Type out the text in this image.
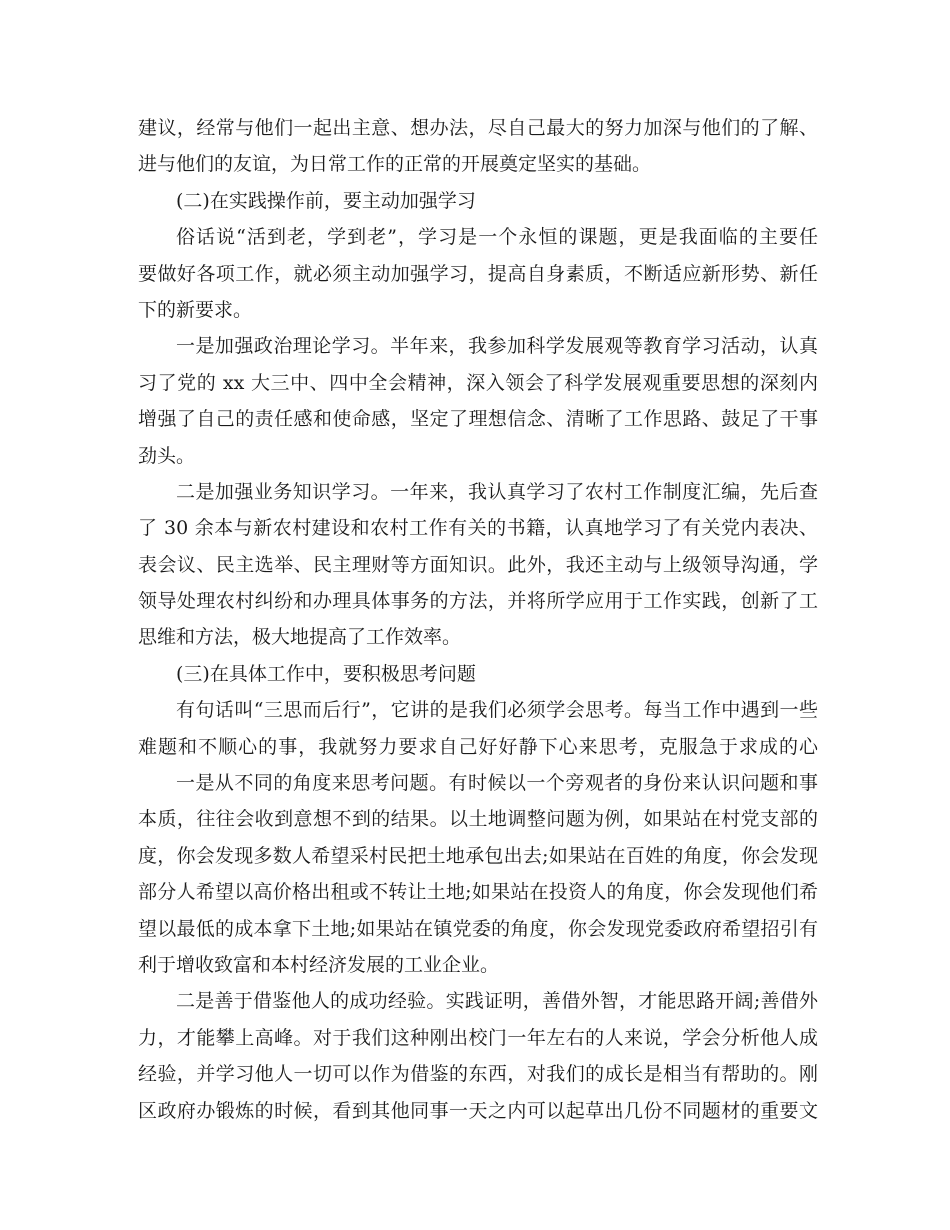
建议，经常与他们一起出主意、想办法，尽自己最大的努力加深与他们的了解、
进与他们的友谊，为日常工作的正常的开展奠定坚实的基础。
(二)在实践操作前，要主动加强学习
俗话说“活到老，学到老”，学习是一个永恒的课题，更是我面临的主要任
要做好各项工作，就必须主动加强学习，提高自身素质，不断适应新形势、新任
下的新要求。
一是加强政治理论学习。半年来，我参加科学发展观等教育学习活动，认真
习了党的 xx 大三中、四中全会精神，深入领会了科学发展观重要思想的深刻内
增强了自己的责任感和使命感，坚定了理想信念、清晰了工作思路、鼓足了干事
劲头。
二是加强业务知识学习。一年来，我认真学习了农村工作制度汇编，先后查
了 30 余本与新农村建设和农村工作有关的书籍，认真地学习了有关党内表决、
表会议、民主选举、民主理财等方面知识。此外，我还主动与上级领导沟通，学
领导处理农村纠纷和办理具体事务的方法，并将所学应用于工作实践，创新了工
思维和方法，极大地提高了工作效率。
(三)在具体工作中，要积极思考问题
有句话叫“三思而后行”，它讲的是我们必须学会思考。每当工作中遇到一些
难题和不顺心的事，我就努力要求自己好好静下心来思考，克服急于求成的心
一是从不同的角度来思考问题。有时候以一个旁观者的身份来认识问题和事
本质，往往会收到意想不到的结果。以土地调整问题为例，如果站在村党支部的
度，你会发现多数人希望采村民把土地承包出去;如果站在百姓的角度，你会发现
部分人希望以高价格出租或不转让土地;如果站在投资人的角度，你会发现他们希
望以最低的成本拿下土地;如果站在镇党委的角度，你会发现党委政府希望招引有
利于增收致富和本村经济发展的工业企业。
二是善于借鉴他人的成功经验。实践证明，善借外智，才能思路开阔;善借外
力，才能攀上高峰。对于我们这种刚出校门一年左右的人来说，学会分析他人成
经验，并学习他人一切可以作为借鉴的东西，对我们的成长是相当有帮助的。刚
区政府办锻炼的时候，看到其他同事一天之内可以起草出几份不同题材的重要文
